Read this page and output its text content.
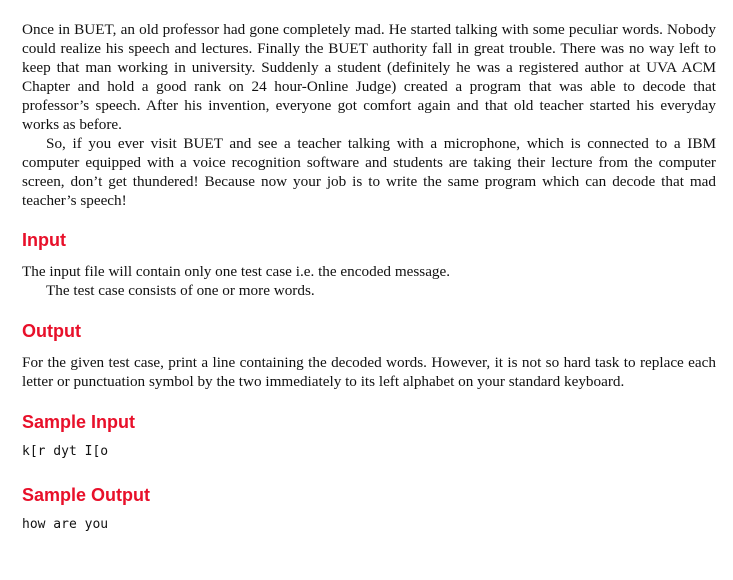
Once in BUET, an old professor had gone completely mad. He started talking with some peculiar words. Nobody could realize his speech and lectures. Finally the BUET authority fall in great trouble. There was no way left to keep that man working in university. Suddenly a student (definitely he was a registered author at UVA ACM Chapter and hold a good rank on 24 hour-Online Judge) created a program that was able to decode that professor’s speech. After his invention, everyone got comfort again and that old teacher started his everyday works as before.

So, if you ever visit BUET and see a teacher talking with a microphone, which is connected to a IBM computer equipped with a voice recognition software and students are taking their lecture from the computer screen, don’t get thundered! Because now your job is to write the same program which can decode that mad teacher’s speech!

Input

The input file will contain only one test case i.e. the encoded message.

The test case consists of one or more words.

Output

For the given test case, print a line containing the decoded words. However, it is not so hard task to replace each letter or punctuation symbol by the two immediately to its left alphabet on your standard keyboard.

Sample Input

k[r dyt I[o

Sample Output

how are you
